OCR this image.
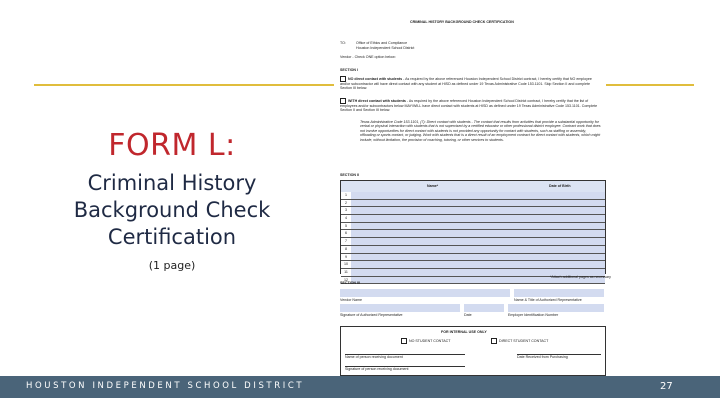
FORM L:
Criminal History
Background Check
Certification
(1 page)
CRIMINAL HISTORY BACKGROUND CHECK CERTIFICATION
TO:	Office of Ethics and Compliance
Houston Independent School District
Vendor - Check ONE option below:
SECTION I
NO direct contact with students - As required by the above referenced Houston Independent School District contract, I hereby certify that NO employee and/or subcontractor will have direct contact with any student at HISD as defined under 19 Texas Administrative Code 153.1101. Skip Section II and complete Section III below.
WITH direct contact with students - As required by the above referenced Houston Independent School District contract, I hereby certify that the list of employees and/or subcontractors below MAY/WILL have direct contact with students at HISD as defined under 19 Texas Administrative Code 153.1101. Complete Section II and Section III below.
Texas Administrative Code 153.1101, (7): Direct contact with students - The contact that results from activities that provide a substantial opportunity for verbal or physical interaction with students that is not supervised by a certified educator or other professional district employee. Contract work that does not involve opportunities for direct contact with students is not provided any opportunity for contact with students, such as staffing or assembly, offloading or sports contact, or judging. Work with students that is a direct result of an employment contract for direct contact with students, which might include, without limitation, the provision of coaching, tutoring, or other services to students.
SECTION II
Name*	Date of Birth
1
2
3
4
5
6
7
8
9
10
11
12
*Attach additional pages as necessary
SECTION III
Vendor Name	Name & Title of Authorized Representative
Signature of Authorized Representative	Date	Employer Identification Number
FOR INTERNAL USE ONLY
NO STUDENT CONTACT	DIRECT STUDENT CONTACT
Name of person receiving document	Date Received from Purchasing
Signature of person receiving document
HOUSTON INDEPENDENT SCHOOL DISTRICT	27
